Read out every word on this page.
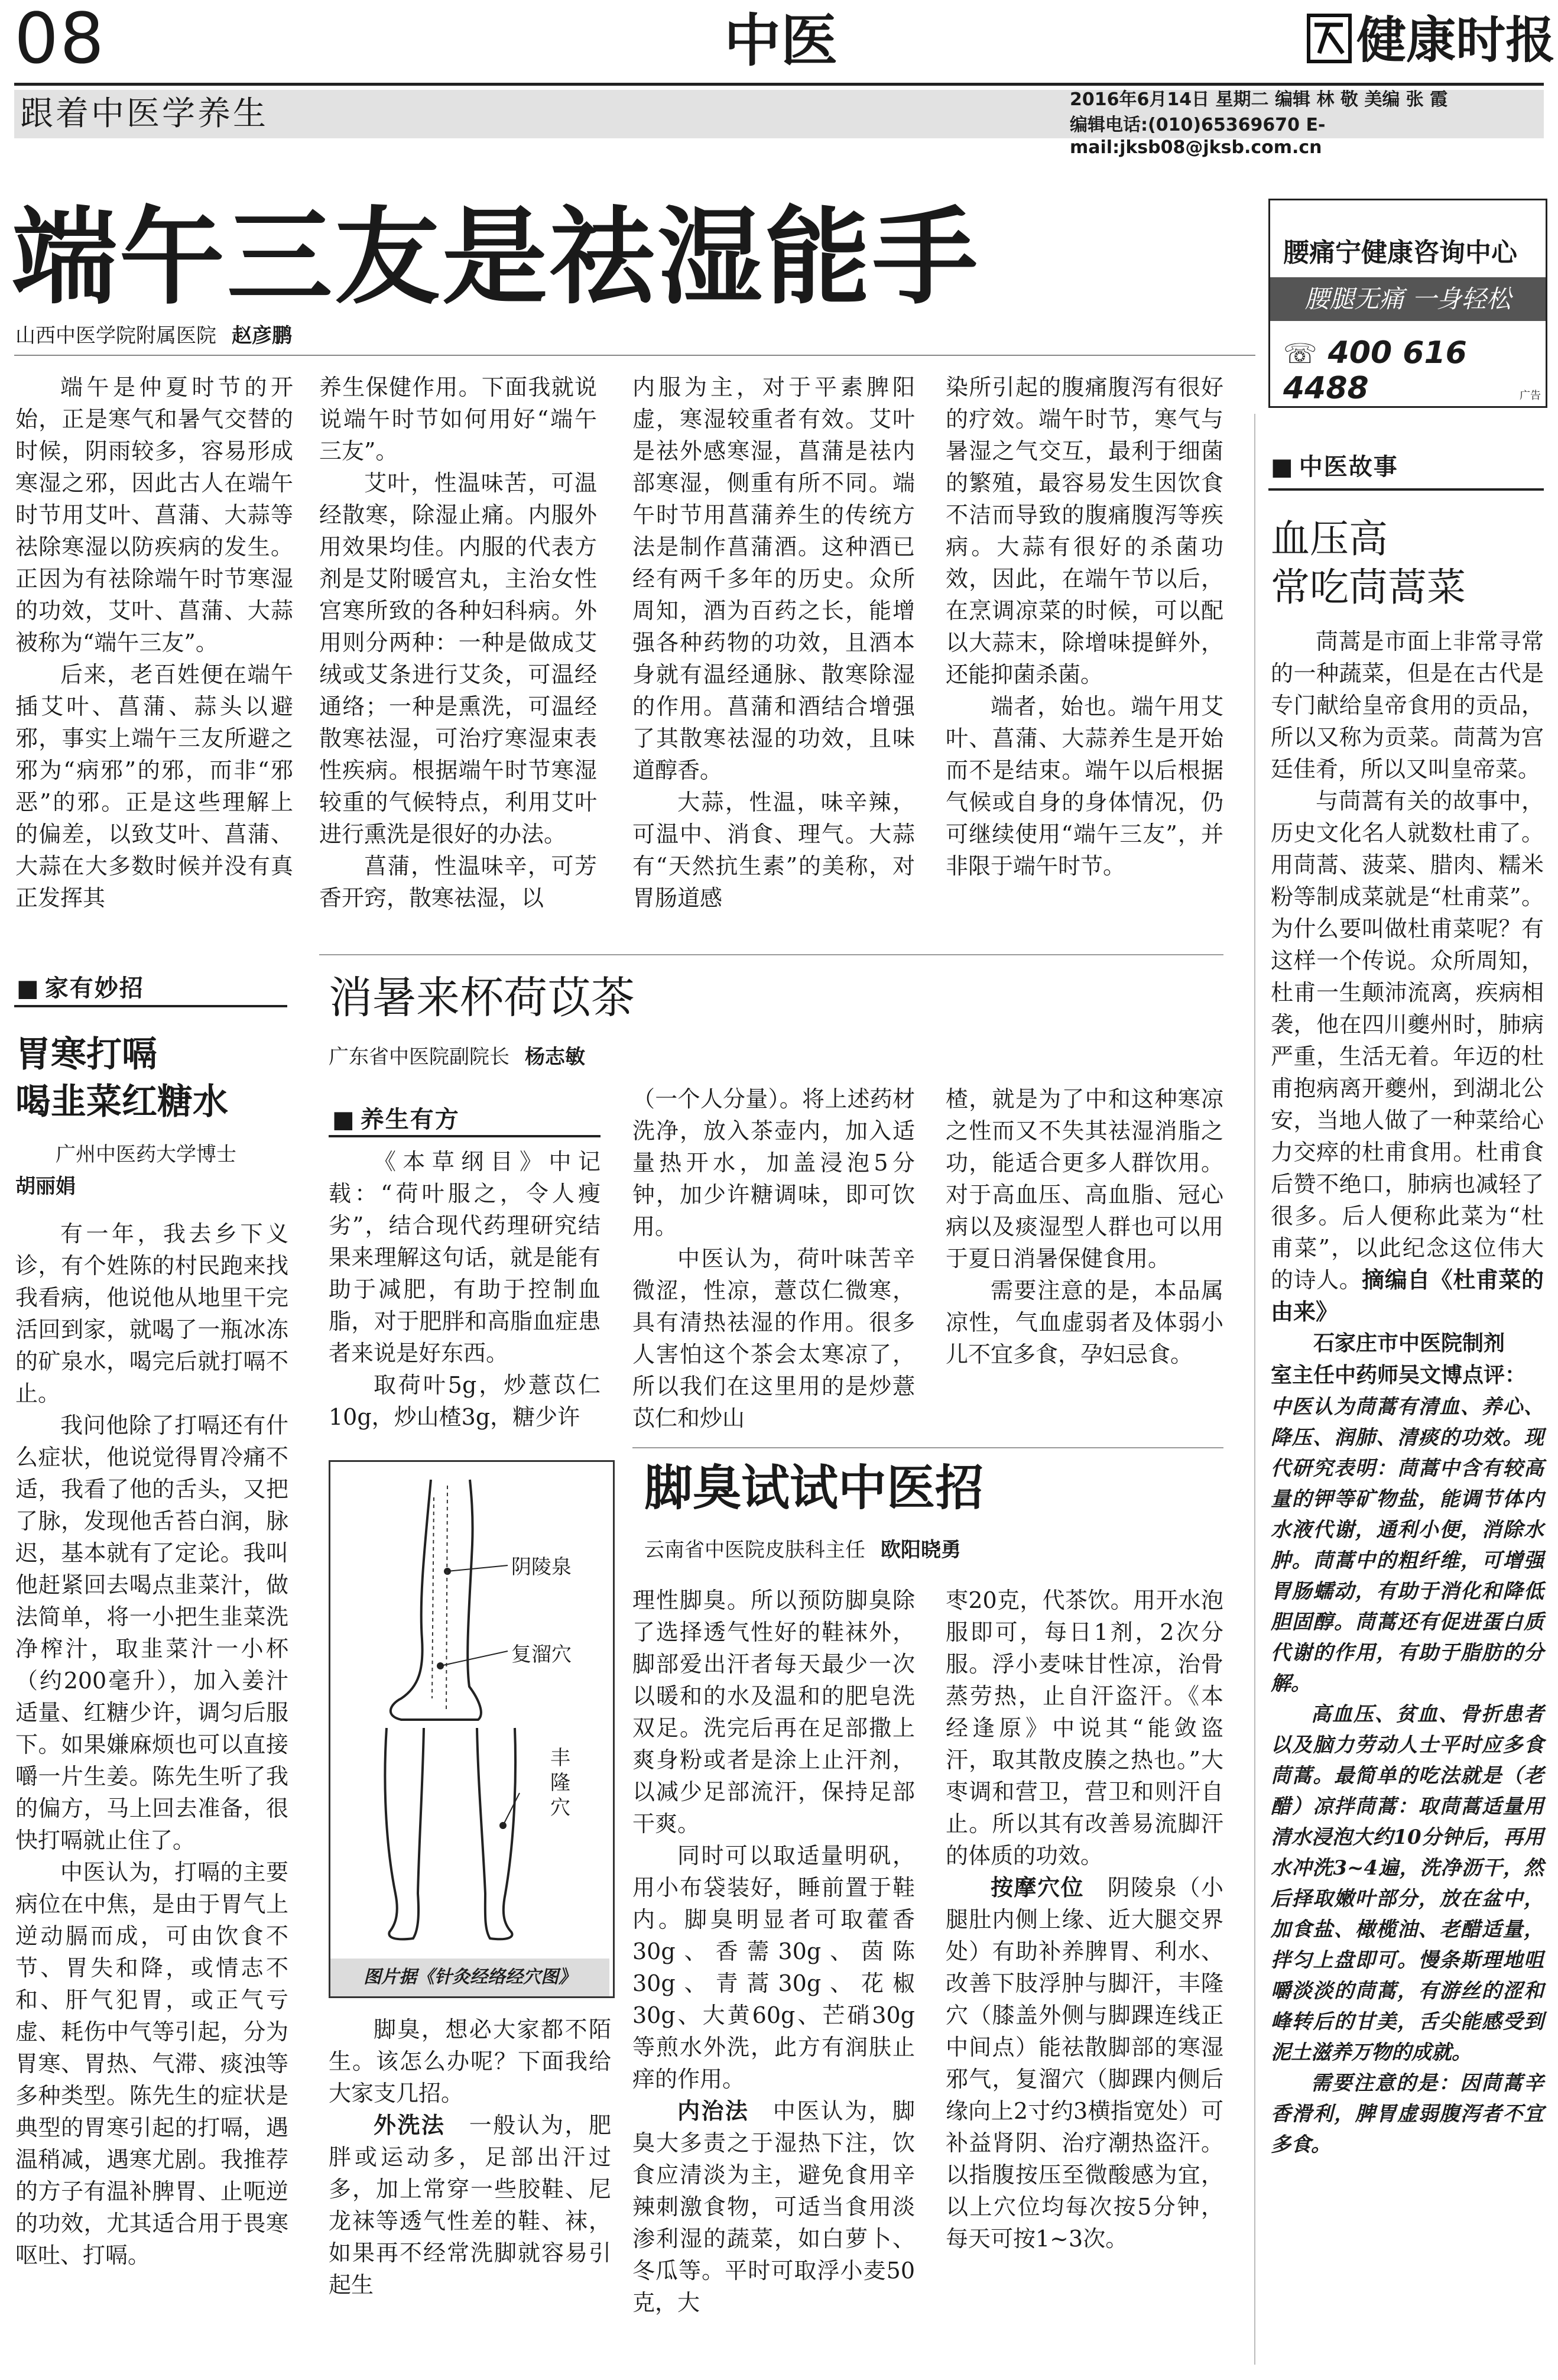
08	中医	健康时报
跟着中医学养生	2016年6月14日 星期二 编辑 林 敬 美编 张 霞
编辑电话:(010)65369670 E-mail:jksb08@jksb.com.cn
端午三友是祛湿能手
山西中医学院附属医院 赵彦鹏

端午是仲夏时节的开始，正是寒气和暑气交替的时候，阴雨较多，容易形成寒湿之邪，因此古人在端午时节用艾叶、菖蒲、大蒜等祛除寒湿以防疾病的发生。正因为有祛除端午时节寒湿的功效，艾叶、菖蒲、大蒜被称为“端午三友”。

后来，老百姓便在端午插艾叶、菖蒲、蒜头以避邪，事实上端午三友所避之邪为“病邪”的邪，而非“邪恶”的邪。正是这些理解上的偏差，以致艾叶、菖蒲、大蒜在大多数时候并没有真正发挥其

养生保健作用。下面我就说说端午时节如何用好“端午三友”。

艾叶，性温味苦，可温经散寒，除湿止痛。内服外用效果均佳。内服的代表方剂是艾附暖宫丸，主治女性宫寒所致的各种妇科病。外用则分两种：一种是做成艾绒或艾条进行艾灸，可温经通络；一种是熏洗，可温经散寒祛湿，可治疗寒湿束表性疾病。根据端午时节寒湿较重的气候特点，利用艾叶进行熏洗是很好的办法。

菖蒲，性温味辛，可芳香开窍，散寒祛湿，以

内服为主，对于平素脾阳虚，寒湿较重者有效。艾叶是祛外感寒湿，菖蒲是祛内部寒湿，侧重有所不同。端午时节用菖蒲养生的传统方法是制作菖蒲酒。这种酒已经有两千多年的历史。众所周知，酒为百药之长，能增强各种药物的功效，且酒本身就有温经通脉、散寒除湿的作用。菖蒲和酒结合增强了其散寒祛湿的功效，且味道醇香。

大蒜，性温，味辛辣，可温中、消食、理气。大蒜有“天然抗生素”的美称，对胃肠道感

染所引起的腹痛腹泻有很好的疗效。端午时节，寒气与暑湿之气交互，最利于细菌的繁殖，最容易发生因饮食不洁而导致的腹痛腹泻等疾病。大蒜有很好的杀菌功效，因此，在端午节以后，在烹调凉菜的时候，可以配以大蒜末，除增味提鲜外，还能抑菌杀菌。

端者，始也。端午用艾叶、菖蒲、大蒜养生是开始而不是结束。端午以后根据气候或自身的身体情况，仍可继续使用“端午三友”，并非限于端午时节。

腰痛宁健康咨询中心
腰腿无痛 一身轻松
☏ 400 616 4488	广告
■ 中医故事
血压高
常吃茼蒿菜

茼蒿是市面上非常寻常的一种蔬菜，但是在古代是专门献给皇帝食用的贡品，所以又称为贡菜。茼蒿为宫廷佳肴，所以又叫皇帝菜。

与茼蒿有关的故事中，历史文化名人就数杜甫了。用茼蒿、菠菜、腊肉、糯米粉等制成菜就是“杜甫菜”。为什么要叫做杜甫菜呢？有这样一个传说。众所周知，杜甫一生颠沛流离，疾病相袭，他在四川夔州时，肺病严重，生活无着。年迈的杜甫抱病离开夔州，到湖北公安，当地人做了一种菜给心力交瘁的杜甫食用。杜甫食后赞不绝口，肺病也减轻了很多。后人便称此菜为“杜甫菜”，以此纪念这位伟大的诗人。摘编自《杜甫菜的由来》

石家庄市中医院制剂

室主任中药师吴文博点评：

中医认为茼蒿有清血、养心、降压、润肺、清痰的功效。现代研究表明：茼蒿中含有较高量的钾等矿物盐，能调节体内水液代谢，通利小便，消除水肿。茼蒿中的粗纤维，可增强胃肠蠕动，有助于消化和降低胆固醇。茼蒿还有促进蛋白质代谢的作用，有助于脂肪的分解。

高血压、贫血、骨折患者以及脑力劳动人士平时应多食茼蒿。最简单的吃法就是（老醋）凉拌茼蒿：取茼蒿适量用清水浸泡大约10分钟后，再用水冲洗3~4遍，洗净沥干，然后择取嫩叶部分，放在盆中，加食盐、橄榄油、老醋适量，拌匀上盘即可。慢条斯理地咀嚼淡淡的茼蒿，有游丝的涩和峰转后的甘美，舌尖能感受到泥土滋养万物的成就。

需要注意的是：因茼蒿辛香滑利，脾胃虚弱腹泻者不宜多食。

■ 家有妙招
胃寒打嗝
喝韭菜红糖水

广州中医药大学博士

胡丽娟

有一年，我去乡下义诊，有个姓陈的村民跑来找我看病，他说他从地里干完活回到家，就喝了一瓶冰冻的矿泉水，喝完后就打嗝不止。

我问他除了打嗝还有什么症状，他说觉得胃冷痛不适，我看了他的舌头，又把了脉，发现他舌苔白润，脉迟，基本就有了定论。我叫他赶紧回去喝点韭菜汁，做法简单，将一小把生韭菜洗净榨汁，取韭菜汁一小杯（约200毫升），加入姜汁适量、红糖少许，调匀后服下。如果嫌麻烦也可以直接嚼一片生姜。陈先生听了我的偏方，马上回去准备，很快打嗝就止住了。

中医认为，打嗝的主要病位在中焦，是由于胃气上逆动膈而成，可由饮食不节、胃失和降，或情志不和、肝气犯胃，或正气亏虚、耗伤中气等引起，分为胃寒、胃热、气滞、痰浊等多种类型。陈先生的症状是典型的胃寒引起的打嗝，遇温稍减，遇寒尤剧。我推荐的方子有温补脾胃、止呃逆的功效，尤其适合用于畏寒呕吐、打嗝。

消暑来杯荷苡茶
广东省中医院副院长 杨志敏
■ 养生有方

《本草纲目》中记载：“荷叶服之，令人瘦劣”，结合现代药理研究结果来理解这句话，就是能有助于减肥，有助于控制血脂，对于肥胖和高脂血症患者来说是好东西。

取荷叶5g，炒薏苡仁10g，炒山楂3g，糖少许

（一个人分量）。将上述药材洗净，放入茶壶内，加入适量热开水，加盖浸泡5分钟，加少许糖调味，即可饮用。

中医认为，荷叶味苦辛微涩，性凉，薏苡仁微寒，具有清热祛湿的作用。很多人害怕这个茶会太寒凉了，所以我们在这里用的是炒薏苡仁和炒山

楂，就是为了中和这种寒凉之性而又不失其祛湿消脂之功，能适合更多人群饮用。对于高血压、高血脂、冠心病以及痰湿型人群也可以用于夏日消暑保健食用。

需要注意的是，本品属凉性，气血虚弱者及体弱小儿不宜多食，孕妇忌食。

阴陵泉
复溜穴
丰隆穴
图片据《针灸经络经穴图》
脚臭试试中医招
云南省中医院皮肤科主任 欧阳晓勇

脚臭，想必大家都不陌生。该怎么办呢？下面我给大家支几招。

外洗法　 一般认为，肥胖或运动多，足部出汗过多，加上常穿一些胶鞋、尼龙袜等透气性差的鞋、袜，如果再不经常洗脚就容易引起生

理性脚臭。所以预防脚臭除了选择透气性好的鞋袜外，脚部爱出汗者每天最少一次以暖和的水及温和的肥皂洗双足。洗完后再在足部撒上爽身粉或者是涂上止汗剂，以减少足部流汗，保持足部干爽。

同时可以取适量明矾，用小布袋装好，睡前置于鞋内。脚臭明显者可取藿香30g、香薷30g、茵陈30g、青蒿30g、花椒30g、大黄60g、芒硝30g等煎水外洗，此方有润肤止痒的作用。

内治法　 中医认为，脚臭大多责之于湿热下注，饮食应清淡为主，避免食用辛辣刺激食物，可适当食用淡渗利湿的蔬菜，如白萝卜、冬瓜等。平时可取浮小麦50克，大

枣20克，代茶饮。用开水泡服即可，每日1剂，2次分服。浮小麦味甘性凉，治骨蒸劳热，止自汗盗汗。《本经逢原》中说其“能敛盗汗，取其散皮腠之热也。”大枣调和营卫，营卫和则汗自止。所以其有改善易流脚汗的体质的功效。

按摩穴位　 阴陵泉（小腿肚内侧上缘、近大腿交界处）有助补养脾胃、利水、改善下肢浮肿与脚汗，丰隆穴（膝盖外侧与脚踝连线正中间点）能祛散脚部的寒湿邪气，复溜穴（脚踝内侧后缘向上2寸约3横指宽处）可补益肾阴、治疗潮热盗汗。以指腹按压至微酸感为宜，以上穴位均每次按5分钟，每天可按1~3次。
